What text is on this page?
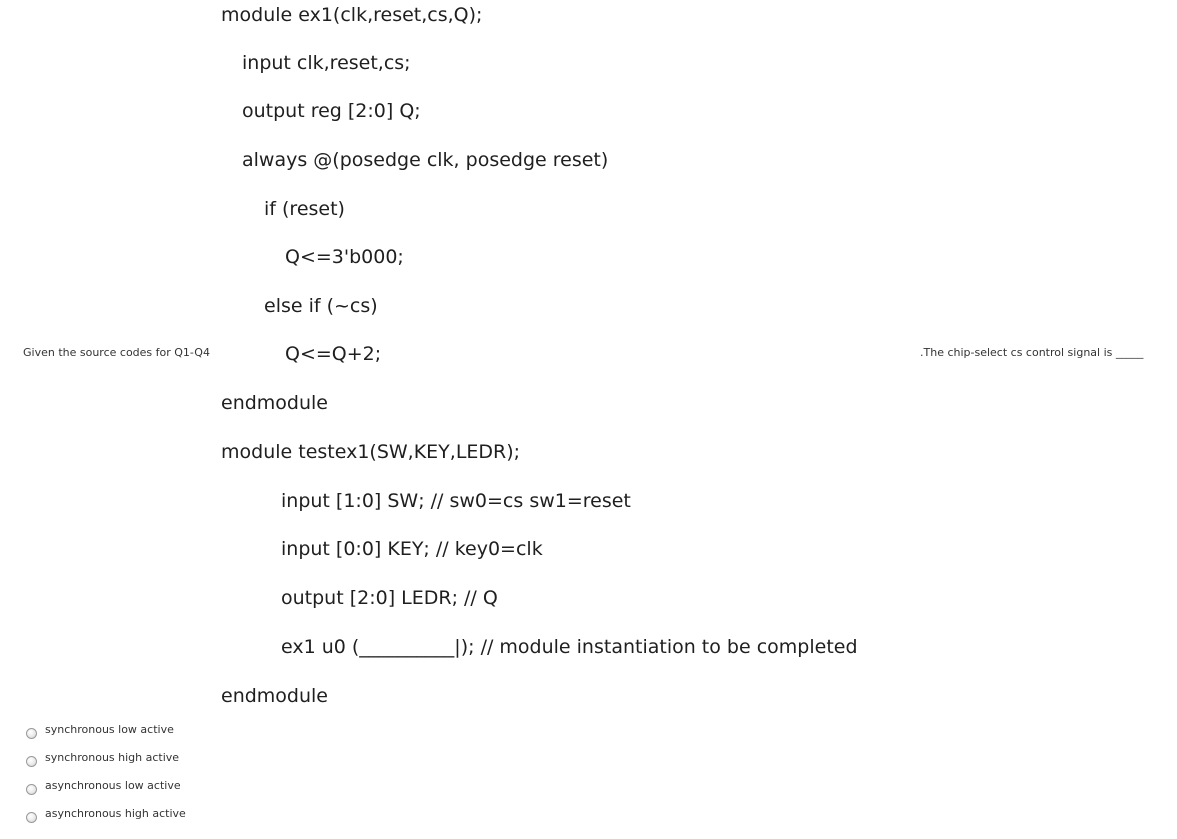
Given the source codes for Q1-Q4	.The chip-select cs control signal is _____
module ex1(clk,reset,cs,Q);
input clk,reset,cs;
output reg [2:0] Q;
always @(posedge clk, posedge reset)
if (reset)
Q<=3'b000;
else if (~cs)
Q<=Q+2;
endmodule
module testex1(SW,KEY,LEDR);
input [1:0] SW; // sw0=cs sw1=reset
input [0:0] KEY; // key0=clk
output [2:0] LEDR; // Q
ex1 u0 (__________|); // module instantiation to be completed
endmodule
synchronous low active
synchronous high active
asynchronous low active
asynchronous high active
